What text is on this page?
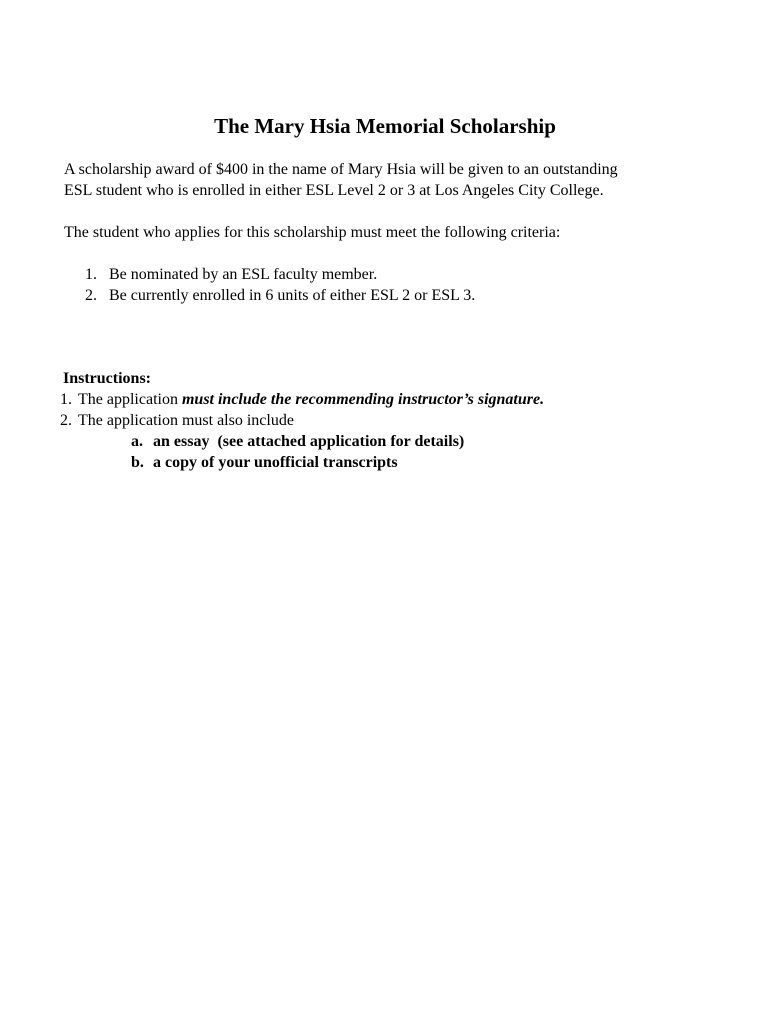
The Mary Hsia Memorial Scholarship
A scholarship award of $400 in the name of Mary Hsia will be given to an outstanding
ESL student who is enrolled in either ESL Level 2 or 3 at Los Angeles City College.
The student who applies for this scholarship must meet the following criteria:
1. Be nominated by an ESL faculty member.
2. Be currently enrolled in 6 units of either ESL 2 or ESL 3.
Instructions:
1. The application must include the recommending instructor’s signature.
2. The application must also include
a. an essay  (see attached application for details)
b. a copy of your unofficial transcripts
